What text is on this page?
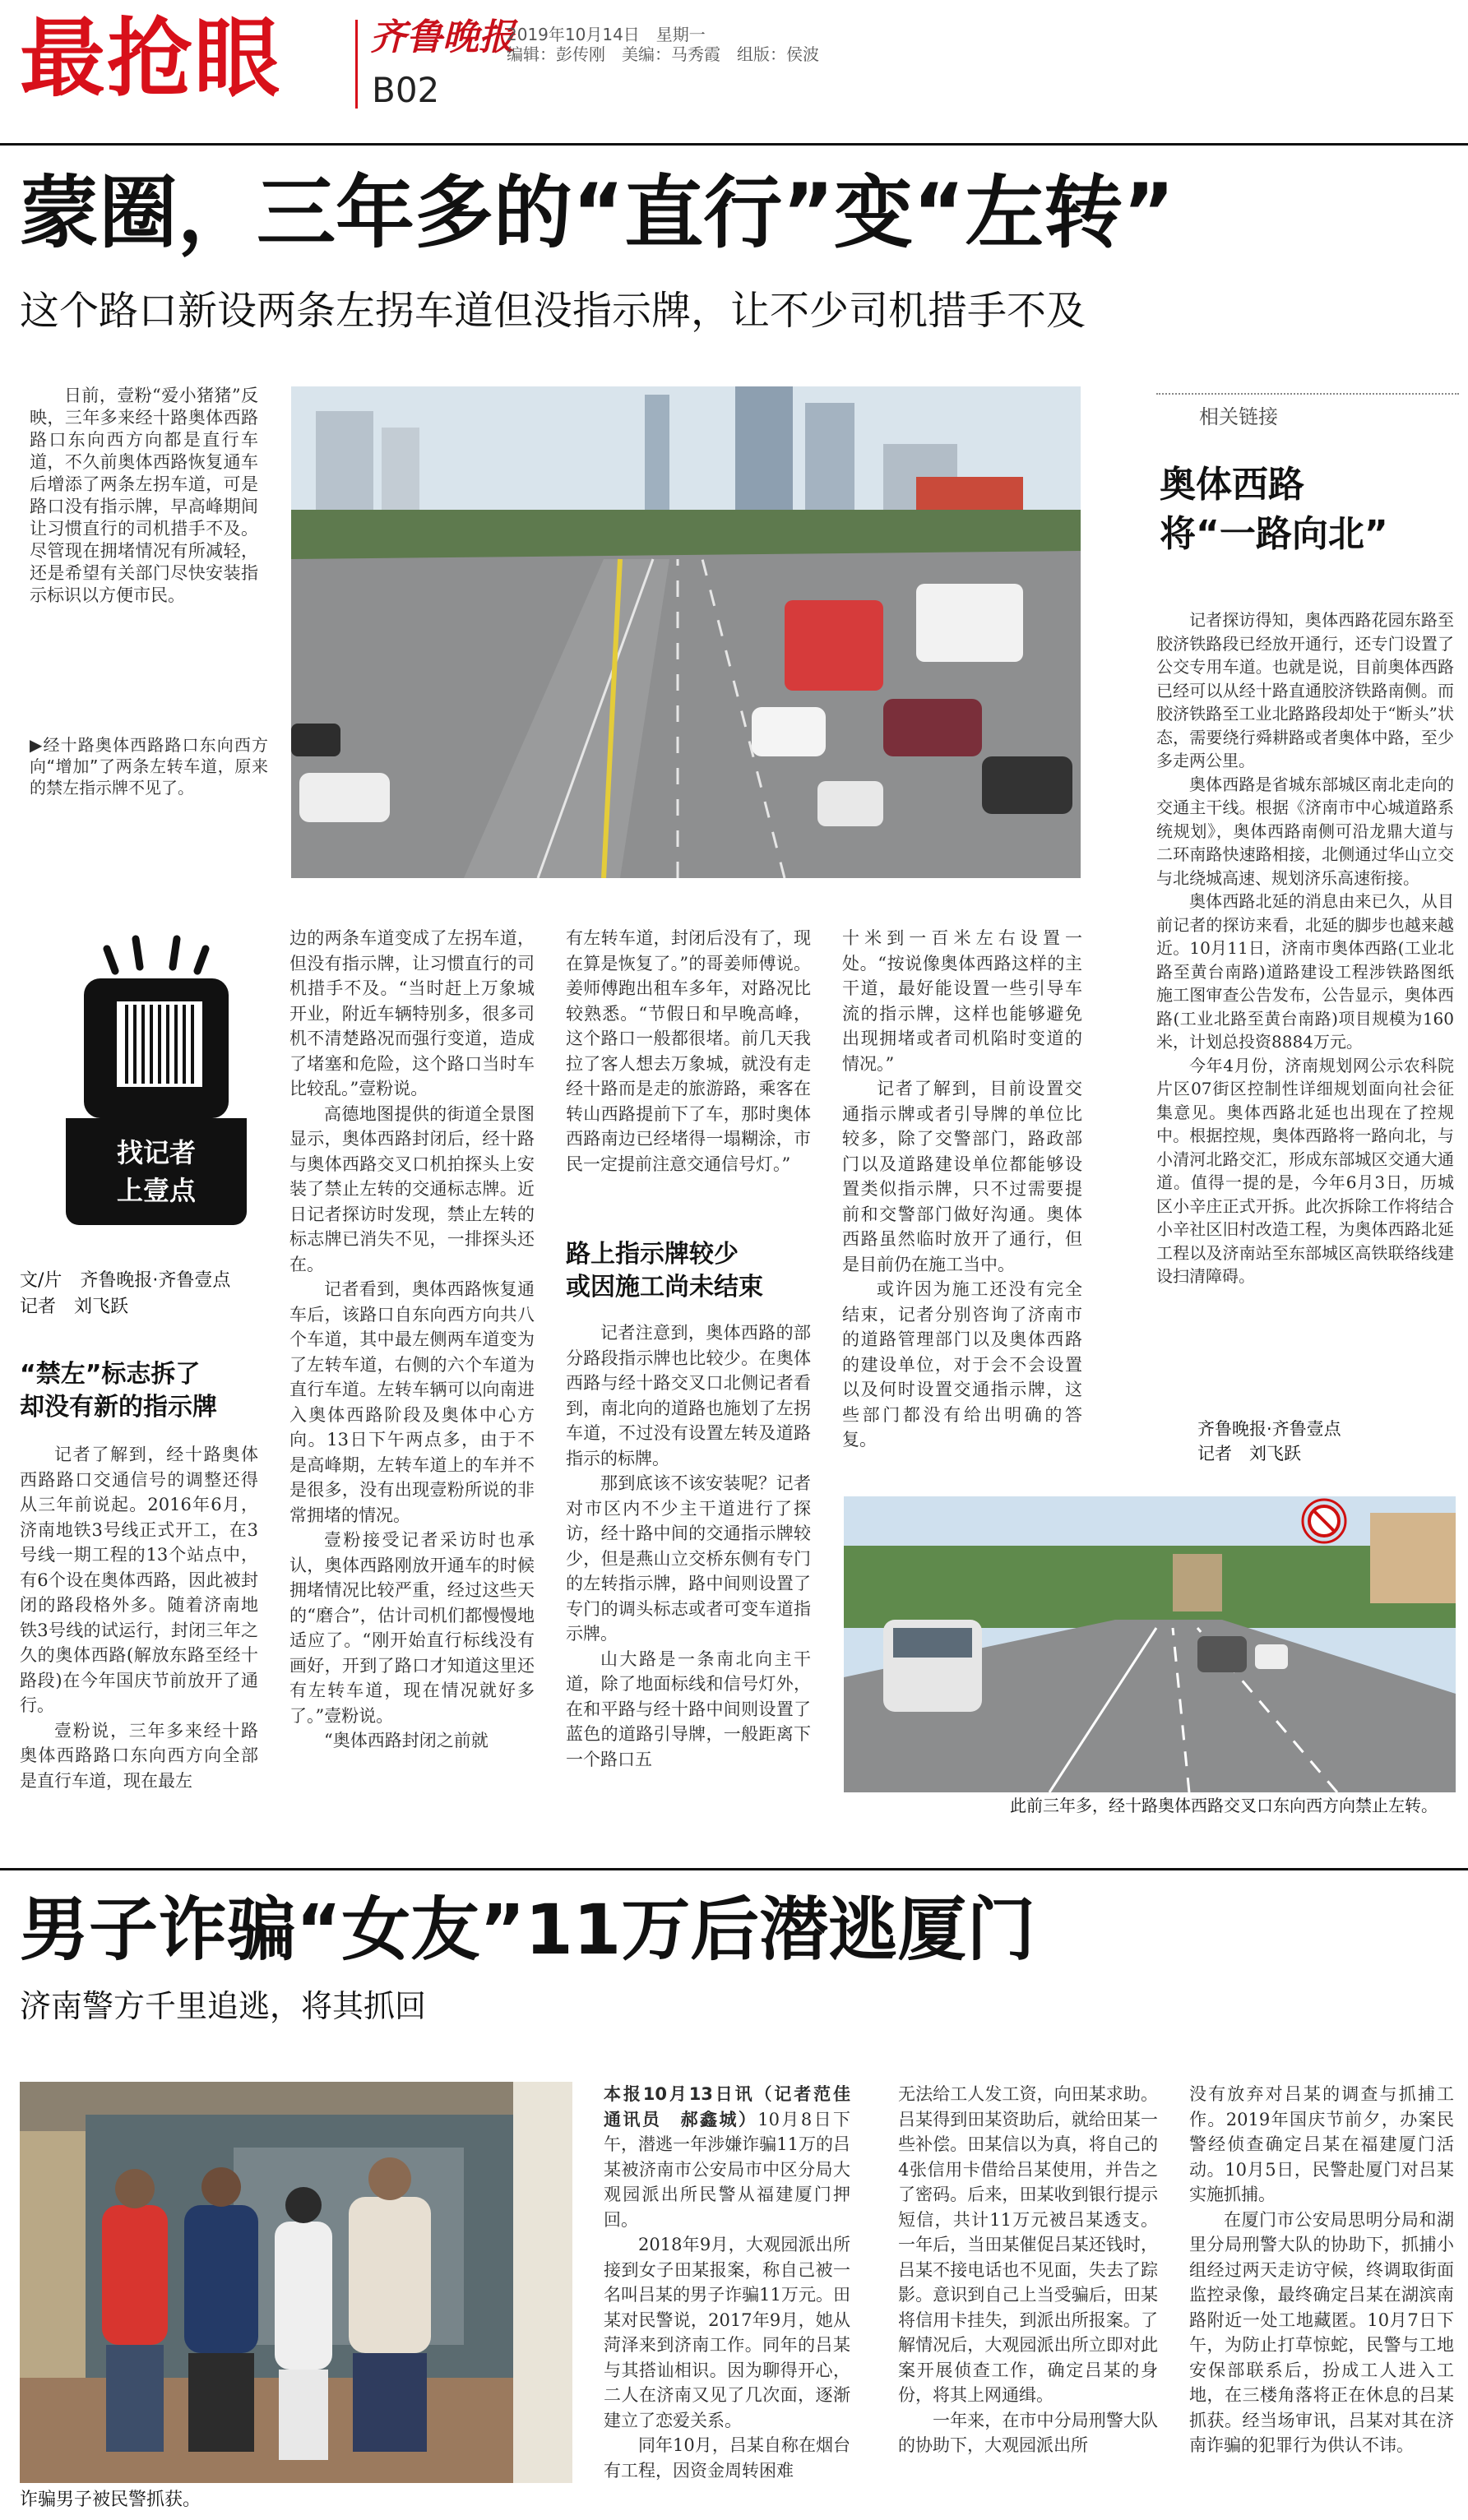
最抢眼 齐鲁晚报
B02
2019年10月14日　星期一
编辑：彭传刚　美编：马秀霞　组版：侯波
蒙圈，三年多的“直行”变“左转”
这个路口新设两条左拐车道但没指示牌，让不少司机措手不及

日前，壹粉“爱小猪猪”反映，三年多来经十路奥体西路路口东向西方向都是直行车道，不久前奥体西路恢复通车后增添了两条左拐车道，可是路口没有指示牌，早高峰期间让习惯直行的司机措手不及。尽管现在拥堵情况有所减轻，还是希望有关部门尽快安装指示标识以方便市民。

▶经十路奥体西路路口东向西方向“增加”了两条左转车道，原来的禁左指示牌不见了。

找记者
上壹点
文/片　齐鲁晚报·齐鲁壹点
记者　刘飞跃
“禁左”标志拆了
却没有新的指示牌

记者了解到，经十路奥体西路路口交通信号的调整还得从三年前说起。2016年6月，济南地铁3号线正式开工，在3号线一期工程的13个站点中，有6个设在奥体西路，因此被封闭的路段格外多。随着济南地铁3号线的试运行，封闭三年之久的奥体西路(解放东路至经十路段)在今年国庆节前放开了通行。

壹粉说，三年多来经十路奥体西路路口东向西方向全部是直行车道，现在最左

边的两条车道变成了左拐车道，但没有指示牌，让习惯直行的司机措手不及。“当时赶上万象城开业，附近车辆特别多，很多司机不清楚路况而强行变道，造成了堵塞和危险，这个路口当时车比较乱。”壹粉说。

高德地图提供的街道全景图显示，奥体西路封闭后，经十路与奥体西路交叉口机拍探头上安装了禁止左转的交通标志牌。近日记者探访时发现，禁止左转的标志牌已消失不见，一排探头还在。

记者看到，奥体西路恢复通车后，该路口自东向西方向共八个车道，其中最左侧两车道变为了左转车道，右侧的六个车道为直行车道。左转车辆可以向南进入奥体西路阶段及奥体中心方向。13日下午两点多，由于不是高峰期，左转车道上的车并不是很多，没有出现壹粉所说的非常拥堵的情况。

壹粉接受记者采访时也承认，奥体西路刚放开通车的时候拥堵情况比较严重，经过这些天的“磨合”，估计司机们都慢慢地适应了。“刚开始直行标线没有画好，开到了路口才知道这里还有左转车道，现在情况就好多了。”壹粉说。

“奥体西路封闭之前就

有左转车道，封闭后没有了，现在算是恢复了。”的哥姜师傅说。姜师傅跑出租车多年，对路况比较熟悉。“节假日和早晚高峰，这个路口一般都很堵。前几天我拉了客人想去万象城，就没有走经十路而是走的旅游路，乘客在转山西路提前下了车，那时奥体西路南边已经堵得一塌糊涂，市民一定提前注意交通信号灯。”

路上指示牌较少
或因施工尚未结束

记者注意到，奥体西路的部分路段指示牌也比较少。在奥体西路与经十路交叉口北侧记者看到，南北向的道路也施划了左拐车道，不过没有设置左转及道路指示的标牌。

那到底该不该安装呢？记者对市区内不少主干道进行了探访，经十路中间的交通指示牌较少，但是燕山立交桥东侧有专门的左转指示牌，路中间则设置了专门的调头标志或者可变车道指示牌。

山大路是一条南北向主干道，除了地面标线和信号灯外，在和平路与经十路中间则设置了蓝色的道路引导牌，一般距离下一个路口五

十米到一百米左右设置一处。“按说像奥体西路这样的主干道，最好能设置一些引导车流的指示牌，这样也能够避免出现拥堵或者司机陷时变道的情况。”

记者了解到，目前设置交通指示牌或者引导牌的单位比较多，除了交警部门，路政部门以及道路建设单位都能够设置类似指示牌，只不过需要提前和交警部门做好沟通。奥体西路虽然临时放开了通行，但是目前仍在施工当中。

或许因为施工还没有完全结束，记者分别咨询了济南市的道路管理部门以及奥体西路的建设单位，对于会不会设置以及何时设置交通指示牌，这些部门都没有给出明确的答复。

此前三年多，经十路奥体西路交叉口东向西方向禁止左转。
相关链接
奥体西路
将“一路向北”

记者探访得知，奥体西路花园东路至胶济铁路段已经放开通行，还专门设置了公交专用车道。也就是说，目前奥体西路已经可以从经十路直通胶济铁路南侧。而胶济铁路至工业北路路段却处于“断头”状态，需要绕行舜耕路或者奥体中路，至少多走两公里。

奥体西路是省城东部城区南北走向的交通主干线。根据《济南市中心城道路系统规划》，奥体西路南侧可沿龙鼎大道与二环南路快速路相接，北侧通过华山立交与北绕城高速、规划济乐高速衔接。

奥体西路北延的消息由来已久，从目前记者的探访来看，北延的脚步也越来越近。10月11日，济南市奥体西路(工业北路至黄台南路)道路建设工程涉铁路图纸施工图审查公告发布，公告显示，奥体西路(工业北路至黄台南路)项目规模为160米，计划总投资8884万元。

今年4月份，济南规划网公示农科院片区07街区控制性详细规划面向社会征集意见。奥体西路北延也出现在了控规中。根据控规，奥体西路将一路向北，与小清河北路交汇，形成东部城区交通大通道。值得一提的是，今年6月3日，历城区小辛庄正式开拆。此次拆除工作将结合小辛社区旧村改造工程，为奥体西路北延工程以及济南站至东部城区高铁联络线建设扫清障碍。

齐鲁晚报·齐鲁壹点
记者　刘飞跃
男子诈骗“女友”11万后潜逃厦门
济南警方千里追逃，将其抓回
诈骗男子被民警抓获。

本报10月13日讯（记者范佳　通讯员　郝鑫城）10月8日下午，潜逃一年涉嫌诈骗11万的吕某被济南市公安局市中区分局大观园派出所民警从福建厦门押回。

2018年9月，大观园派出所接到女子田某报案，称自己被一名叫吕某的男子诈骗11万元。田某对民警说，2017年9月，她从菏泽来到济南工作。同年的吕某与其搭讪相识。因为聊得开心，二人在济南又见了几次面，逐渐建立了恋爱关系。

同年10月，吕某自称在烟台有工程，因资金周转困难

无法给工人发工资，向田某求助。吕某得到田某资助后，就给田某一些补偿。田某信以为真，将自己的4张信用卡借给吕某使用，并告之了密码。后来，田某收到银行提示短信，共计11万元被吕某透支。一年后，当田某催促吕某还钱时，吕某不接电话也不见面，失去了踪影。意识到自己上当受骗后，田某将信用卡挂失，到派出所报案。了解情况后，大观园派出所立即对此案开展侦查工作，确定吕某的身份，将其上网通缉。

一年来，在市中分局刑警大队的协助下，大观园派出所

没有放弃对吕某的调查与抓捕工作。2019年国庆节前夕，办案民警经侦查确定吕某在福建厦门活动。10月5日，民警赴厦门对吕某实施抓捕。

在厦门市公安局思明分局和湖里分局刑警大队的协助下，抓捕小组经过两天走访守候，终调取街面监控录像，最终确定吕某在湖滨南路附近一处工地藏匿。10月7日下午，为防止打草惊蛇，民警与工地安保部联系后，扮成工人进入工地，在三楼角落将正在休息的吕某抓获。经当场审讯，吕某对其在济南诈骗的犯罪行为供认不讳。
